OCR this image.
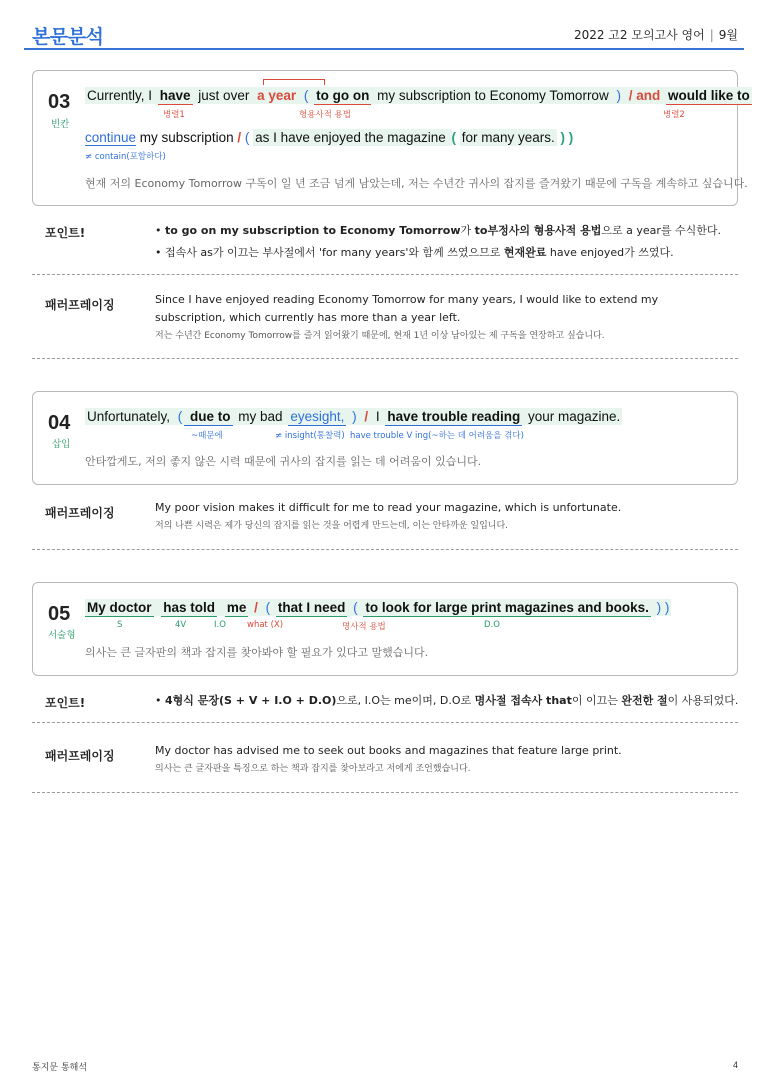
본문분석	2022 고2 모의고사 영어 | 9월
03
빈칸
Currently, I have just over a year ( to go on my subscription to Economy Tomorrow ) / and would like to
병렬1	형용사적 용법	병렬2
continue my subscription / ( as I have enjoyed the magazine ( for many years. ) )
≠ contain(포함하다)
현재 저의 Economy Tomorrow 구독이 일 년 조금 넘게 남았는데, 저는 수년간 귀사의 잡지를 즐겨왔기 때문에 구독을 계속하고 싶습니다.
포인트!	• to go on my subscription to Economy Tomorrow가 to부정사의 형용사적 용법으로 a year를 수식한다.
• 접속사 as가 이끄는 부사절에서 'for many years'와 함께 쓰였으므로 현재완료 have enjoyed가 쓰였다.
패러프레이징	Since I have enjoyed reading Economy Tomorrow for many years, I would like to extend my subscription, which currently has more than a year left.
저는 수년간 Economy Tomorrow를 즐겨 읽어왔기 때문에, 현재 1년 이상 남아있는 제 구독을 연장하고 싶습니다.
04
삽입
Unfortunately, ( due to my bad eyesight, ) / I have trouble reading your magazine.
~때문에	≠ insight(통찰력) have trouble V ing(~하는 데 어려움을 겪다)
안타깝게도, 저의 좋지 않은 시력 때문에 귀사의 잡지를 읽는 데 어려움이 있습니다.
패러프레이징	My poor vision makes it difficult for me to read your magazine, which is unfortunate.
저의 나쁜 시력은 제가 당신의 잡지를 읽는 것을 어렵게 만드는데, 이는 안타까운 일입니다.
05
서술형
My doctor has told me / ( that I need ( to look for large print magazines and books. ) )
S	4V	I.O what (X)	명사적 용법	D.O
의사는 큰 글자판의 책과 잡지를 찾아봐야 할 필요가 있다고 말했습니다.
포인트!	• 4형식 문장(S + V + I.O + D.O)으로, I.O는 me이며, D.O로 명사절 접속사 that이 이끄는 완전한 절이 사용되었다.
패러프레이징	My doctor has advised me to seek out books and magazines that feature large print.
의사는 큰 글자판을 특징으로 하는 책과 잡지를 찾아보라고 저에게 조언했습니다.
통지문 통해석	4
